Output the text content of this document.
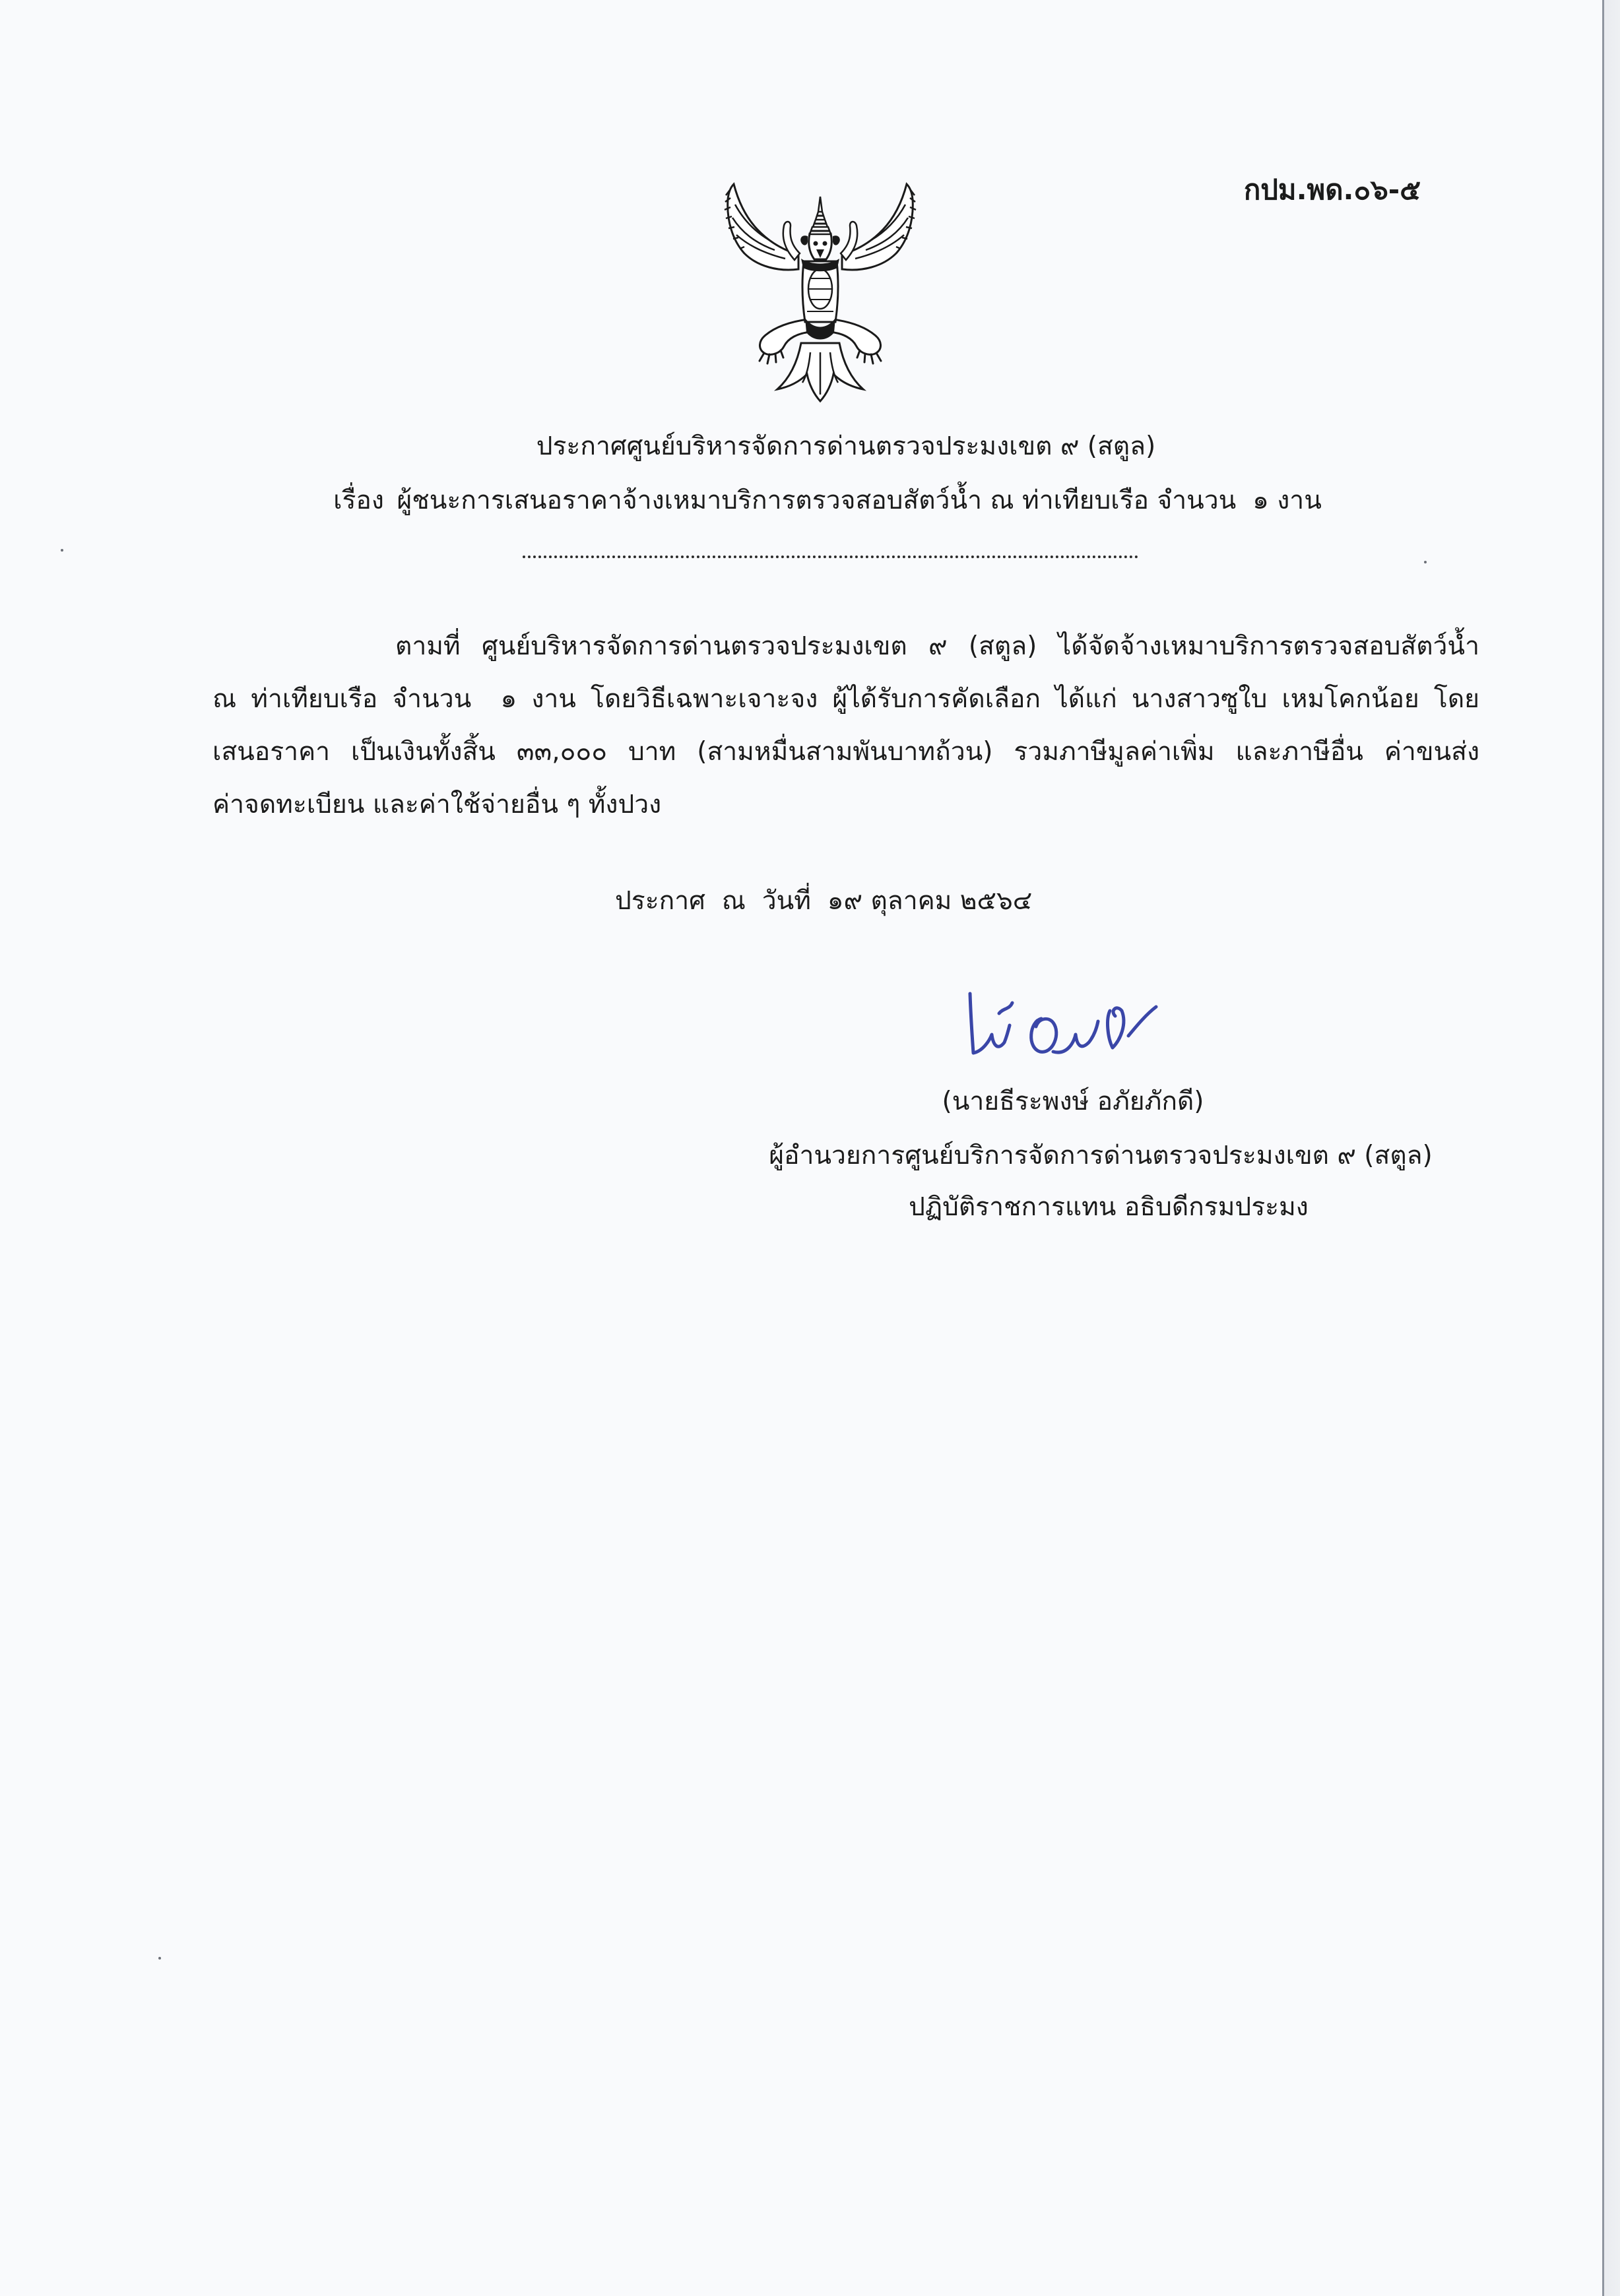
กปม.พด.๐๖-๕
ประกาศศูนย์บริหารจัดการด่านตรวจประมงเขต ๙ (สตูล)
เรื่อง ผู้ชนะการเสนอราคาจ้างเหมาบริการตรวจสอบสัตว์น้ำ ณ ท่าเทียบเรือ จำนวน  ๑ งาน
ตามที่ ศูนย์บริหารจัดการด่านตรวจประมงเขต ๙ (สตูล) ได้จัดจ้างเหมาบริการตรวจสอบสัตว์น้ำ
ณ ท่าเทียบเรือ จำนวน  ๑ งาน โดยวิธีเฉพาะเจาะจง ผู้ได้รับการคัดเลือก ได้แก่ นางสาวซูใบ เหมโคกน้อย โดย
เสนอราคา เป็นเงินทั้งสิ้น ๓๓,๐๐๐ บาท (สามหมื่นสามพันบาทถ้วน) รวมภาษีมูลค่าเพิ่ม และภาษีอื่น ค่าขนส่ง
ค่าจดทะเบียน และค่าใช้จ่ายอื่น ๆ ทั้งปวง
ประกาศ  ณ  วันที่  ๑๙ ตุลาคม ๒๕๖๔
(นายธีระพงษ์ อภัยภักดี)
ผู้อำนวยการศูนย์บริการจัดการด่านตรวจประมงเขต ๙ (สตูล)
ปฏิบัติราชการแทน อธิบดีกรมประมง
